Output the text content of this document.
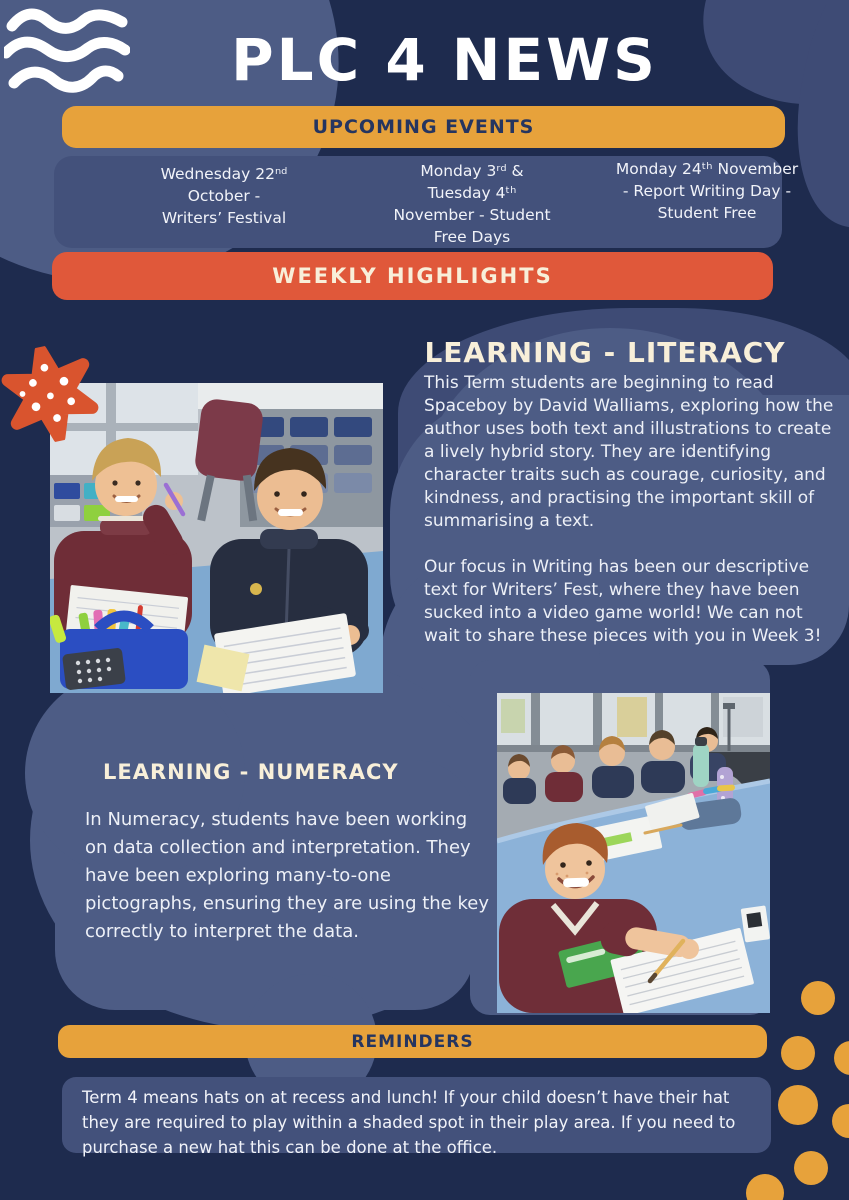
PLC 4 NEWS
UPCOMING EVENTS
Wednesday 22ⁿᵈ
October -
Writers’ Festival
Monday 3ʳᵈ &
Tuesday 4ᵗʰ
November - Student
Free Days
Monday 24ᵗʰ November
- Report Writing Day -
Student Free
WEEKLY HIGHLIGHTS
LEARNING - LITERACY

This Term students are beginning to read Spaceboy by David Walliams, exploring how the author uses both text and illustrations to create a lively hybrid story. They are identifying character traits such as courage, curiosity, and kindness, and practising the important skill of summarising a text.

Our focus in Writing has been our descriptive text for Writers’ Fest, where they have been sucked into a video game world! We can not wait to share these pieces with you in Week 3!

LEARNING - NUMERACY
In Numeracy, students have been working on data collection and interpretation. They have been exploring many-to-one pictographs, ensuring they are using the key correctly to interpret the data.
REMINDERS
Term 4 means hats on at recess and lunch! If your child doesn’t have their hat they are required to play within a shaded spot in their play area. If you need to purchase a new hat this can be done at the office.
